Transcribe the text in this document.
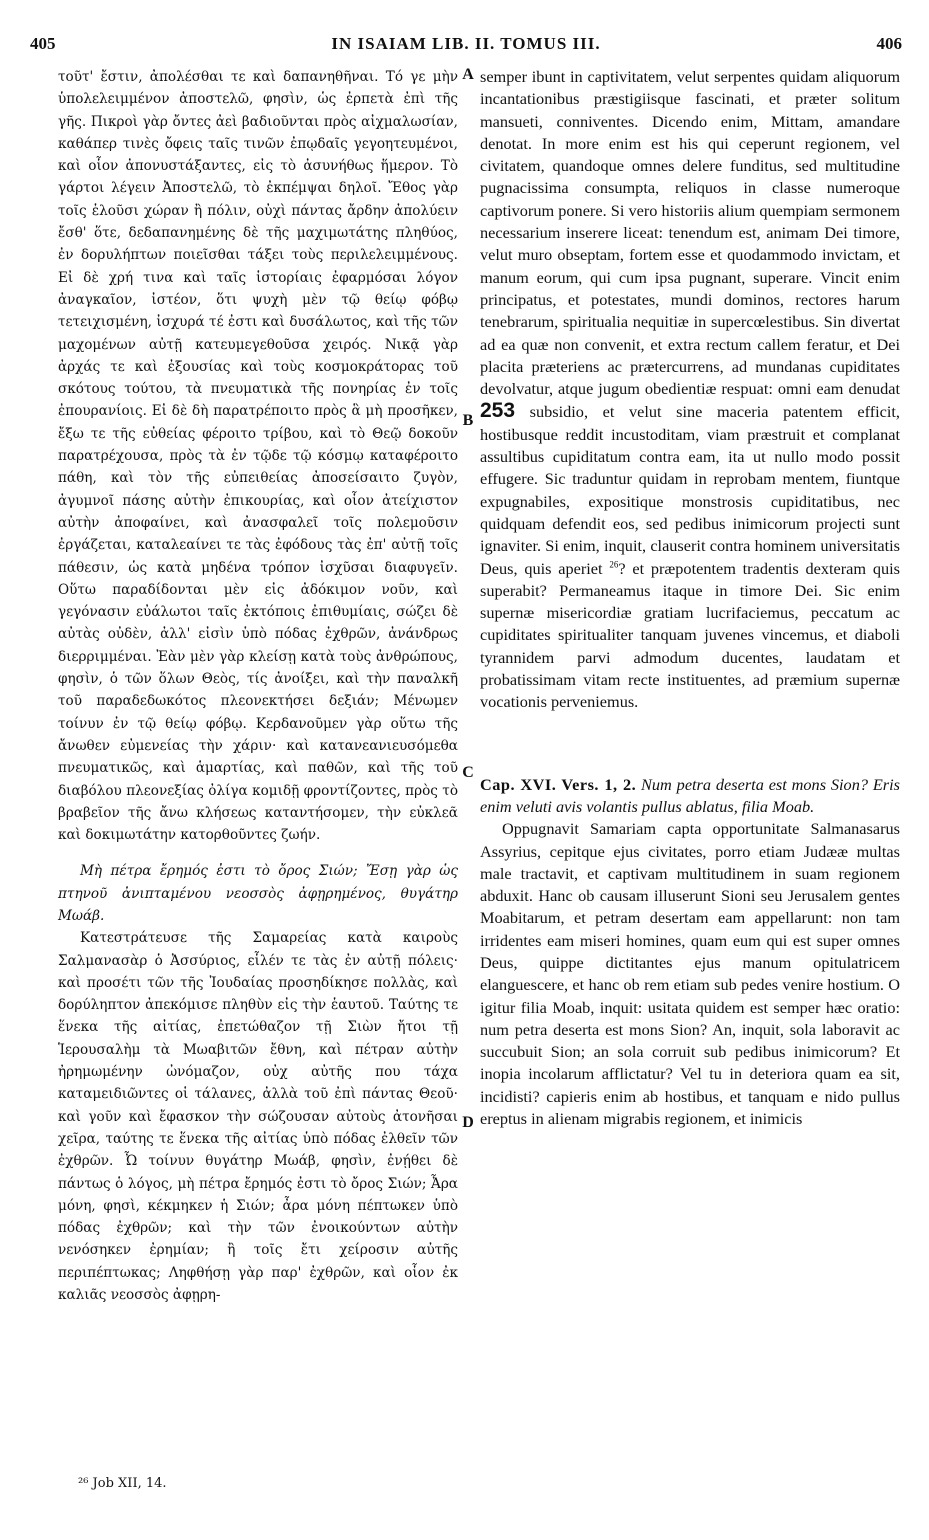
405	IN ISAIAM LIB. II. TOMUS III.	406

τοῦτ' ἔστιν, ἀπολέσθαι τε καὶ δαπανηθῆναι. Τό γε μὴν ὑπολελειμμένον ἀποστελῶ, φησὶν, ὡς ἐρπετὰ ἐπὶ τῆς γῆς. Πικροὶ γὰρ ὄντες ἀεὶ βαδιοῦνται πρὸς αἰχμαλωσίαν, καθάπερ τινὲς ὄφεις ταῖς τινῶν ἐπῳδαῖς γεγοητευμένοι, καὶ οἷον ἀπονυστάξαντες, εἰς τὸ ἀσυνήθως ἥμερον. Τὸ γάρτοι λέγειν Ἀποστελῶ, τὸ ἐκπέμψαι δηλοῖ. Ἔθος γὰρ τοῖς ἑλοῦσι χώραν ἢ πόλιν, οὐχὶ πάντας ἄρδην ἀπολύειν ἔσθ' ὅτε, δεδαπανημένης δὲ τῆς μαχιμωτάτης πληθύος, ἐν δορυλήπτων ποιεῖσθαι τάξει τοὺς περιλελειμμένους. Εἰ δὲ χρή τινα καὶ ταῖς ἱστορίαις ἐφαρμόσαι λόγον ἀναγκαῖον, ἰστέον, ὅτι ψυχὴ μὲν τῷ θείῳ φόβῳ τετειχισμένη, ἰσχυρά τέ ἐστι καὶ δυσάλωτος, καὶ τῆς τῶν μαχομένων αὐτῇ κατευμεγεθοῦσα χειρός. Νικᾷ γὰρ ἀρχάς τε καὶ ἐξουσίας καὶ τοὺς κοσμοκράτορας τοῦ σκότους τούτου, τὰ πνευματικὰ τῆς πονηρίας ἐν τοῖς ἐπουρανίοις. Εἰ δὲ δὴ παρατρέποιτο πρὸς ἃ μὴ προσῆκεν, ἔξω τε τῆς εὐθείας φέροιτο τρίβου, καὶ τὸ Θεῷ δοκοῦν παρατρέχουσα, πρὸς τὰ ἐν τῷδε τῷ κόσμῳ καταφέροιτο πάθη, καὶ τὸν τῆς εὐπειθείας ἀποσείσαιτο ζυγὸν, ἀγυμνοῖ πάσης αὐτὴν ἐπικουρίας, καὶ οἷον ἀτείχιστον αὐτὴν ἀποφαίνει, καὶ ἀνασφαλεῖ τοῖς πολεμοῦσιν ἐργάζεται, καταλεαίνει τε τὰς ἐφόδους τὰς ἐπ' αὐτῇ τοῖς πάθεσιν, ὡς κατὰ μηδένα τρόπον ἰσχῦσαι διαφυγεῖν. Οὕτω παραδίδονται μὲν εἰς ἀδόκιμον νοῦν, καὶ γεγόνασιν εὐάλωτοι ταῖς ἐκτόποις ἐπιθυμίαις, σώζει δὲ αὐτὰς οὐδὲν, ἀλλ' εἰσὶν ὑπὸ πόδας ἐχθρῶν, ἀνάνδρως διερριμμέναι. Ἐὰν μὲν γὰρ κλείσῃ κατὰ τοὺς ἀνθρώπους, φησὶν, ὁ τῶν ὅλων Θεὸς, τίς ἀνοίξει, καὶ τὴν παναλκῆ τοῦ παραδεδωκότος πλεονεκτήσει δεξιάν; Μένωμεν τοίνυν ἐν τῷ θείῳ φόβῳ. Κερδανοῦμεν γὰρ οὕτω τῆς ἄνωθεν εὐμενείας τὴν χάριν· καὶ κατανεανιευσόμεθα πνευματικῶς, καὶ ἁμαρτίας, καὶ παθῶν, καὶ τῆς τοῦ διαβόλου πλεονεξίας ὀλίγα κομιδῇ φροντίζοντες, πρὸς τὸ βραβεῖον τῆς ἄνω κλήσεως καταντήσομεν, τὴν εὐκλεᾶ καὶ δοκιμωτάτην κατορθοῦντες ζωήν.

Μὴ πέτρα ἔρημός ἐστι τὸ ὄρος Σιών; Ἔσῃ γὰρ ὡς πτηνοῦ ἀνιπταμένου νεοσσὸς ἀφῃρημένος, θυγάτηρ Μωάβ.

Κατεστράτευσε τῆς Σαμαρείας κατὰ καιροὺς Σαλμανασὰρ ὁ Ἀσσύριος, εἷλέν τε τὰς ἐν αὐτῇ πόλεις· καὶ προσέτι τῶν τῆς Ἰουδαίας προσηδίκησε πολλὰς, καὶ δορύληπτον ἀπεκόμισε πληθὺν εἰς τὴν ἑαυτοῦ. Ταύτης τε ἕνεκα τῆς αἰτίας, ἐπετώθαζον τῇ Σιὼν ἤτοι τῇ Ἱερουσαλὴμ τὰ Μωαβιτῶν ἔθνη, καὶ πέτραν αὐτὴν ἠρημωμένην ὠνόμαζον, οὐχ αὐτῆς που τάχα καταμειδιῶντες οἱ τάλανες, ἀλλὰ τοῦ ἐπὶ πάντας Θεοῦ· καὶ γοῦν καὶ ἔφασκον τὴν σώζουσαν αὐτοὺς ἀτονῆσαι χεῖρα, ταύτης τε ἕνεκα τῆς αἰτίας ὑπὸ πόδας ἐλθεῖν τῶν ἐχθρῶν. Ὦ τοίνυν θυγάτηρ Μωάβ, φησὶν, ἐνῄθει δὲ πάντως ὁ λόγος, μὴ πέτρα ἔρημός ἐστι τὸ ὄρος Σιών; Ἆρα μόνη, φησὶ, κέκμηκεν ἡ Σιών; ἆρα μόνη πέπτωκεν ὑπὸ πόδας ἐχθρῶν; καὶ τὴν τῶν ἐνοικούντων αὐτὴν νενόσηκεν ἐρημίαν; ἢ τοῖς ἔτι χείροσιν αὐτῆς περιπέπτωκας; Ληφθήσῃ γὰρ παρ' ἐχθρῶν, καὶ οἷον ἐκ καλιᾶς νεοσσὸς ἀφῃρη-

semper ibunt in captivitatem, velut serpentes quidam aliquorum incantationibus præstigiisque fascinati, et præter solitum mansueti, conniventes. Dicendo enim, Mittam, amandare denotat. In more enim est his qui ceperunt regionem, vel civitatem, quandoque omnes delere funditus, sed multitudine pugnacissima consumpta, reliquos in classe numeroque captivorum ponere. Si vero historiis alium quempiam sermonem necessarium inserere liceat: tenendum est, animam Dei timore, velut muro obseptam, fortem esse et quodammodo invictam, et manum eorum, qui cum ipsa pugnant, superare. Vincit enim principatus, et potestates, mundi dominos, rectores harum tenebrarum, spiritualia nequitiæ in supercœlestibus. Sin divertat ad ea quæ non convenit, et extra rectum callem feratur, et Dei placita præteriens ac prætercurrens, ad mundanas cupiditates devolvatur, atque jugum obedientiæ respuat: omni eam denudat 253 subsidio, et velut sine maceria patentem efficit, hostibusque reddit incustoditam, viam præstruit et complanat assultibus cupiditatum contra eam, ita ut nullo modo possit effugere. Sic traduntur quidam in reprobam mentem, fiuntque expugnabiles, expositique monstrosis cupiditatibus, nec quidquam defendit eos, sed pedibus inimicorum projecti sunt ignaviter. Si enim, inquit, clauserit contra hominem universitatis Deus, quis aperiet $^{26}$? et præpotentem tradentis dexteram quis superabit? Permaneamus itaque in timore Dei. Sic enim supernæ misericordiæ gratiam lucrifaciemus, peccatum ac cupiditates spiritualiter tanquam juvenes vincemus, et diaboli tyrannidem parvi admodum ducentes, laudatam et probatissimam vitam recte instituentes, ad præmium supernæ vocationis perveniemus.

Cap. XVI. Vers. 1, 2. Num petra deserta est mons Sion? Eris enim veluti avis volantis pullus ablatus, filia Moab.

Oppugnavit Samariam capta opportunitate Salmanasarus Assyrius, cepitque ejus civitates, porro etiam Judææ multas male tractavit, et captivam multitudinem in suam regionem abduxit. Hanc ob causam illuserunt Sioni seu Jerusalem gentes Moabitarum, et petram desertam eam appellarunt: non tam irridentes eam miseri homines, quam eum qui est super omnes Deus, quippe dictitantes ejus manum opitulatricem elanguescere, et hanc ob rem etiam sub pedes venire hostium. O igitur filia Moab, inquit: usitata quidem est semper hæc oratio: num petra deserta est mons Sion? An, inquit, sola laboravit ac succubuit Sion; an sola corruit sub pedibus inimicorum? Et inopia incolarum afflictatur? Vel tu in deteriora quam ea sit, incidisti? capieris enim ab hostibus, et tanquam e nido pullus ereptus in alienam migrabis regionem, et inimicis

A
B
C
D
²⁶ Job XII, 14.
